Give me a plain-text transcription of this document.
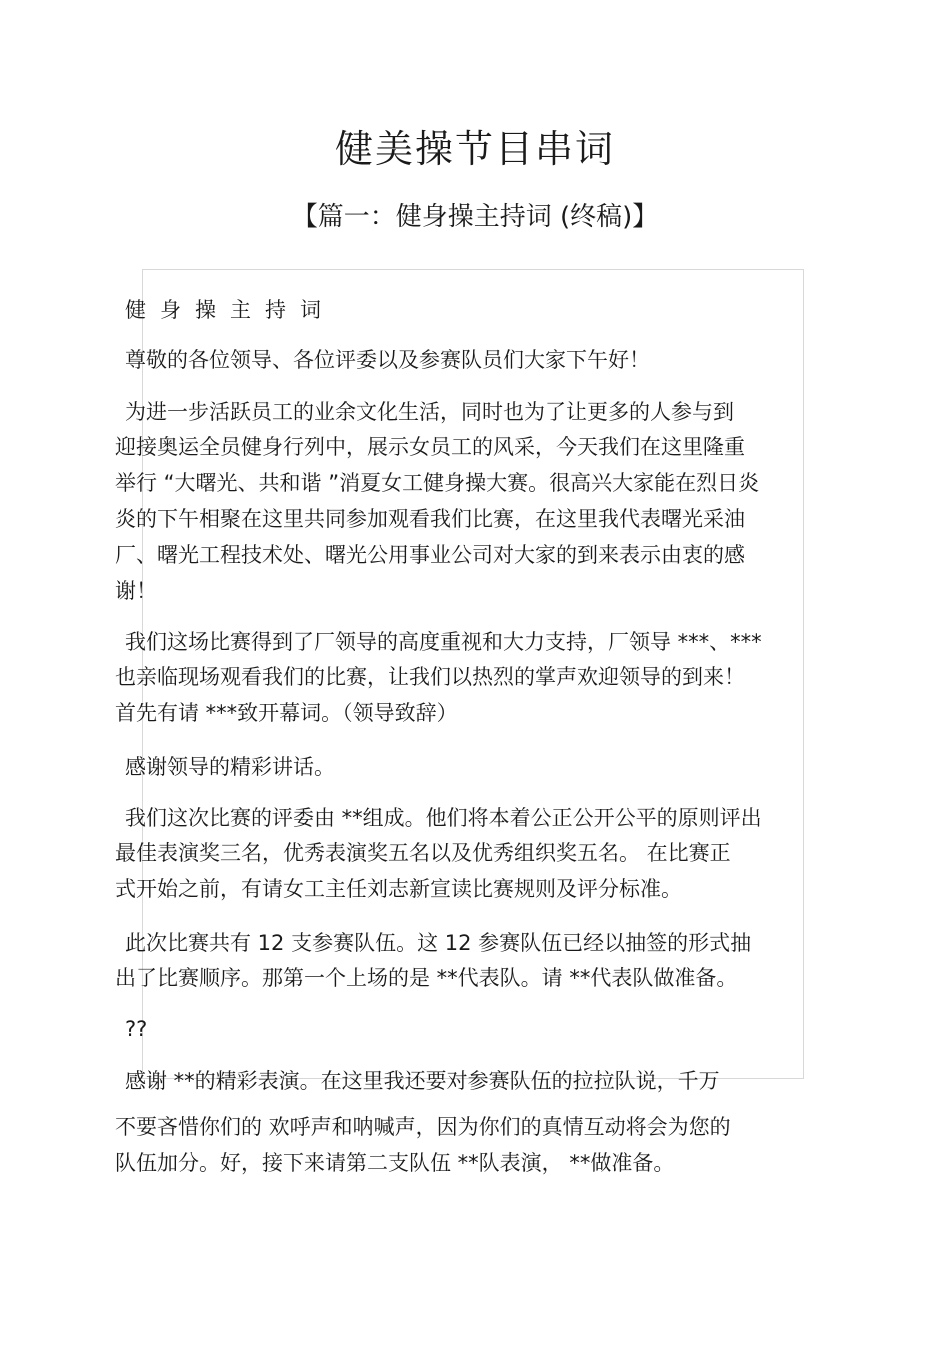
健美操节目串词
【篇一：健身操主持词 (终稿)】

健身操主持词

尊敬的各位领导、各位评委以及参赛队员们大家下午好！

为进一步活跃员工的业余文化生活，同时也为了让更多的人参与到

迎接奥运全员健身行列中，展示女员工的风采，今天我们在这里隆重
举行 “大曙光、共和谐 ”消夏女工健身操大赛。很高兴大家能在烈日炎
炎的下午相聚在这里共同参加观看我们比赛，在这里我代表曙光采油
厂、曙光工程技术处、曙光公用事业公司对大家的到来表示由衷的感
谢！

我们这场比赛得到了厂领导的高度重视和大力支持，厂领导 ***、***

也亲临现场观看我们的比赛，让我们以热烈的掌声欢迎领导的到来！
首先有请 ***致开幕词。（领导致辞）

感谢领导的精彩讲话。

我们这次比赛的评委由 **组成。他们将本着公正公开公平的原则评出

最佳表演奖三名，优秀表演奖五名以及优秀组织奖五名。 在比赛正
式开始之前，有请女工主任刘志新宣读比赛规则及评分标准。

此次比赛共有 12 支参赛队伍。这 12 参赛队伍已经以抽签的形式抽

出了比赛顺序。那第一个上场的是 **代表队。请 **代表队做准备。

??

感谢 **的精彩表演。在这里我还要对参赛队伍的拉拉队说，千万

不要吝惜你们的 欢呼声和呐喊声，因为你们的真情互动将会为您的
队伍加分。好，接下来请第二支队伍 **队表演， **做准备。
